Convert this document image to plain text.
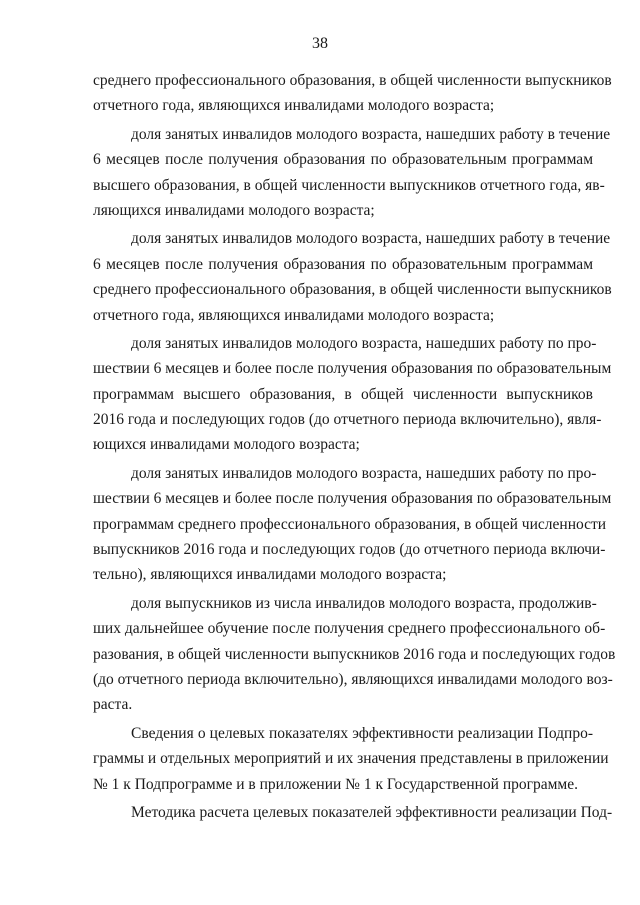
38
среднего профессионального образования, в общей численности выпускников
отчетного года, являющихся инвалидами молодого возраста;
доля занятых инвалидов молодого возраста, нашедших работу в течение
6 месяцев после получения образования по образовательным программам
высшего образования, в общей численности выпускников отчетного года, яв-
ляющихся инвалидами молодого возраста;
доля занятых инвалидов молодого возраста, нашедших работу в течение
6 месяцев после получения образования по образовательным программам
среднего профессионального образования, в общей численности выпускников
отчетного года, являющихся инвалидами молодого возраста;
доля занятых инвалидов молодого возраста, нашедших работу по про-
шествии 6 месяцев и более после получения образования по образовательным
программам высшего образования, в общей численности выпускников
2016 года и последующих годов (до отчетного периода включительно), явля-
ющихся инвалидами молодого возраста;
доля занятых инвалидов молодого возраста, нашедших работу по про-
шествии 6 месяцев и более после получения образования по образовательным
программам среднего профессионального образования, в общей численности
выпускников 2016 года и последующих годов (до отчетного периода включи-
тельно), являющихся инвалидами молодого возраста;
доля выпускников из числа инвалидов молодого возраста, продолжив-
ших дальнейшее обучение после получения среднего профессионального об-
разования, в общей численности выпускников 2016 года и последующих годов
(до отчетного периода включительно), являющихся инвалидами молодого воз-
раста.
Сведения о целевых показателях эффективности реализации Подпро-
граммы и отдельных мероприятий и их значения представлены в приложении
№ 1 к Подпрограмме и в приложении № 1 к Государственной программе.
Методика расчета целевых показателей эффективности реализации Под-
